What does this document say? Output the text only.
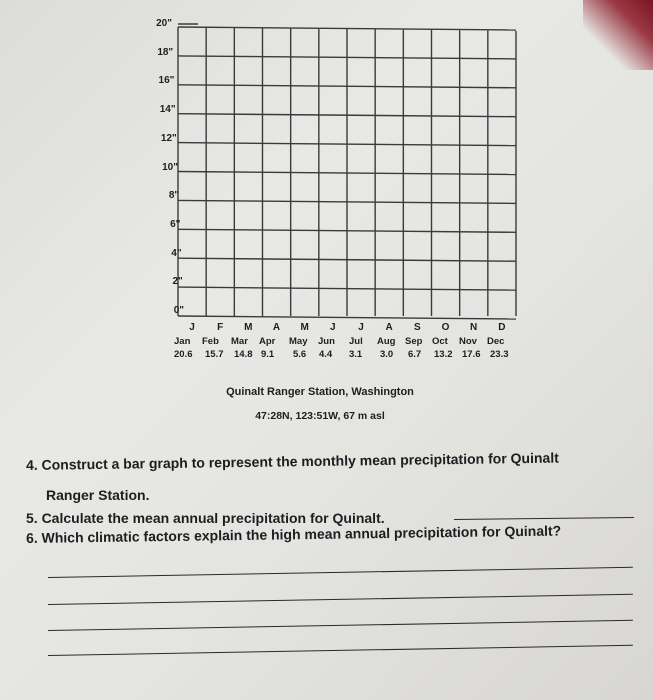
20"
18"
16"
14"
12"
10"
8"
6"
4"
2"
0"
J	F	M	A	M	J	J	A	S	O	N	D
Jan Feb Mar Apr May Jun Jul Aug Sep Oct Nov Dec
20.6 15.7 14.8 9.1 5.6 4.4 3.1 3.0 6.7 13.2 17.6 23.3
Quinalt Ranger Station, Washington
47:28N, 123:51W, 67 m asl
4. Construct a bar graph to represent the monthly mean precipitation for Quinalt
Ranger Station.
5. Calculate the mean annual precipitation for Quinalt.
6. Which climatic factors explain the high mean annual precipitation for Quinalt?
